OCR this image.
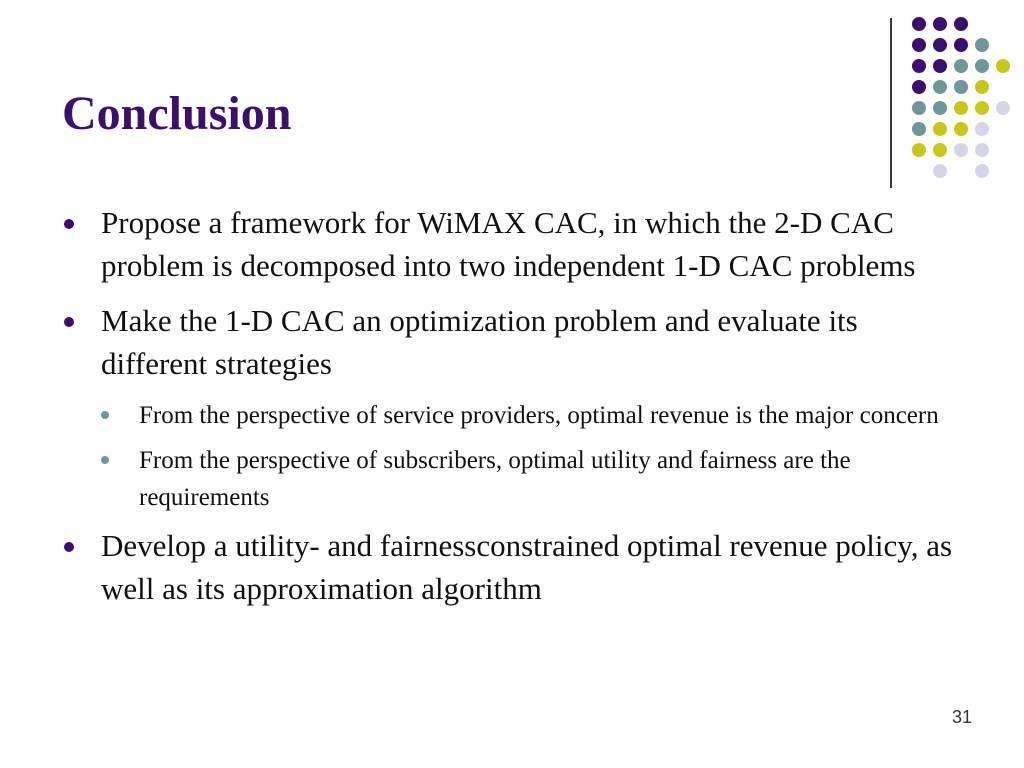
Conclusion
Propose a framework for WiMAX CAC, in which the 2-D CAC problem is decomposed into two independent 1-D CAC problems
Make the 1-D CAC an optimization problem and evaluate its different strategies
From the perspective of service providers, optimal revenue is the major concern
From the perspective of subscribers, optimal utility and fairness are the requirements
Develop a utility- and fairnessconstrained optimal revenue policy, as well as its approximation algorithm
31
